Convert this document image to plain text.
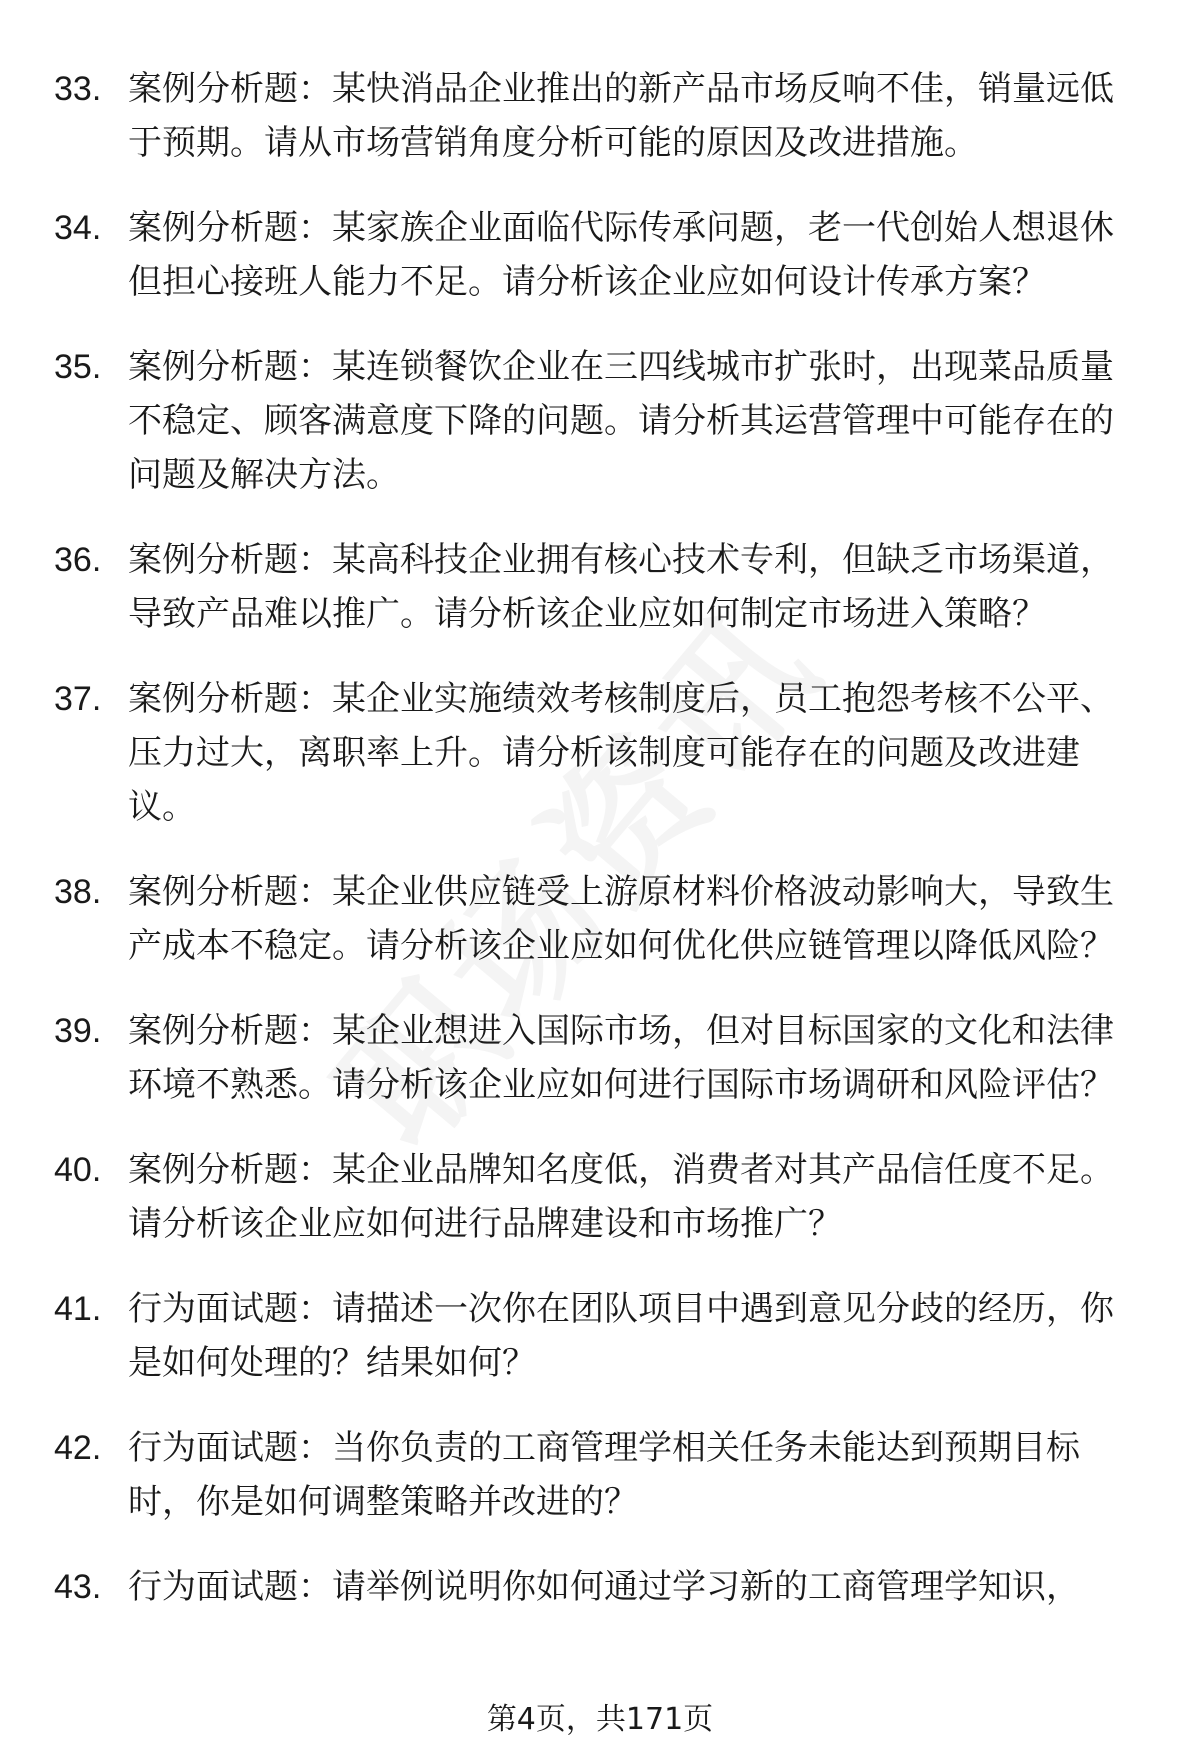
33. 案例分析题：某快消品企业推出的新产品市场反响不佳，销量远低于预期。请从市场营销角度分析可能的原因及改进措施。
34. 案例分析题：某家族企业面临代际传承问题，老一代创始人想退休但担心接班人能力不足。请分析该企业应如何设计传承方案？
35. 案例分析题：某连锁餐饮企业在三四线城市扩张时，出现菜品质量不稳定、顾客满意度下降的问题。请分析其运营管理中可能存在的问题及解决方法。
36. 案例分析题：某高科技企业拥有核心技术专利，但缺乏市场渠道，导致产品难以推广。请分析该企业应如何制定市场进入策略？
37. 案例分析题：某企业实施绩效考核制度后，员工抱怨考核不公平、压力过大，离职率上升。请分析该制度可能存在的问题及改进建议。
38. 案例分析题：某企业供应链受上游原材料价格波动影响大，导致生产成本不稳定。请分析该企业应如何优化供应链管理以降低风险？
39. 案例分析题：某企业想进入国际市场，但对目标国家的文化和法律环境不熟悉。请分析该企业应如何进行国际市场调研和风险评估？
40. 案例分析题：某企业品牌知名度低，消费者对其产品信任度不足。请分析该企业应如何进行品牌建设和市场推广？
41. 行为面试题：请描述一次你在团队项目中遇到意见分歧的经历，你是如何处理的？结果如何？
42. 行为面试题：当你负责的工商管理学相关任务未能达到预期目标时，你是如何调整策略并改进的？
43. 行为面试题：请举例说明你如何通过学习新的工商管理学知识，
第4页，共171页
